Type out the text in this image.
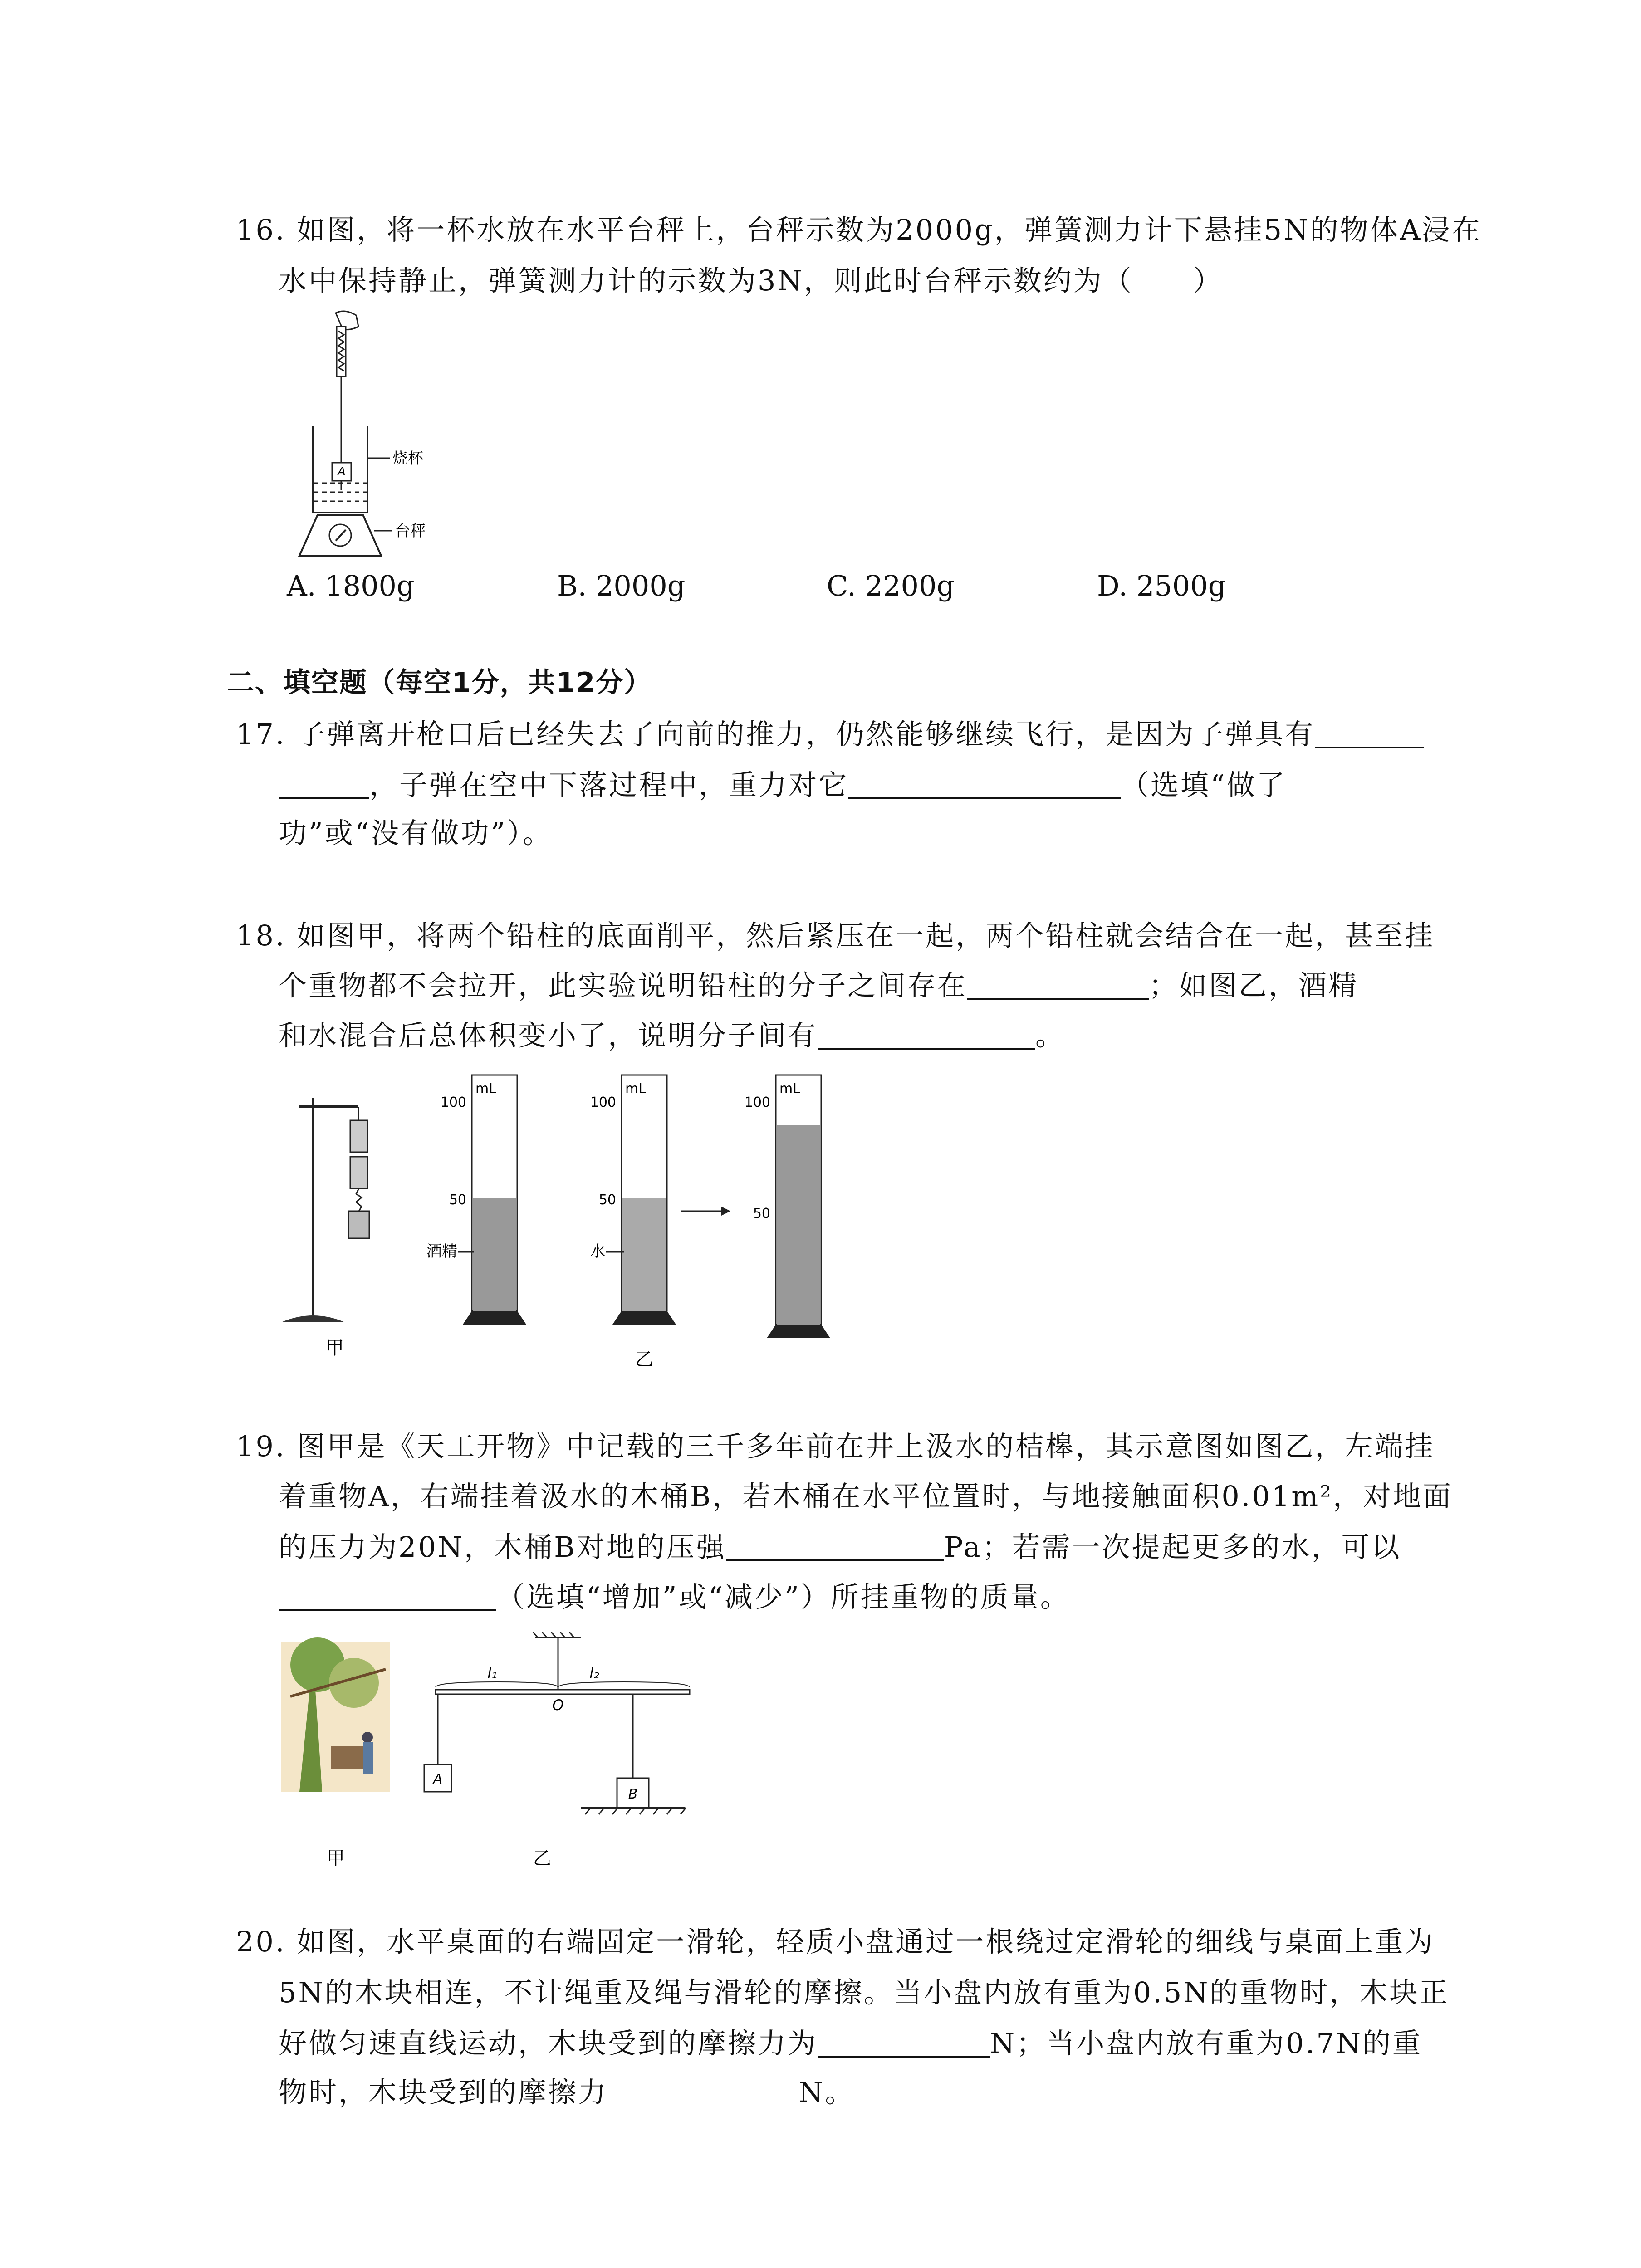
16. 如图，将一杯水放在水平台秤上，台秤示数为2000g，弹簧测力计下悬挂5N的物体A浸在
水中保持静止，弹簧测力计的示数为3N，则此时台秤示数约为（　　）
A
烧杯
台秤
A. 1800g	B. 2000g	C. 2200g	D. 2500g
二、填空题（每空1分，共12分）
17. 子弹离开枪口后已经失去了向前的推力，仍然能够继续飞行，是因为子弹具有
，子弹在空中下落过程中，重力对它	（选填“做了
功”或“没有做功”）。
18. 如图甲，将两个铅柱的底面削平，然后紧压在一起，两个铅柱就会结合在一起，甚至挂
个重物都不会拉开，此实验说明铅柱的分子之间存在	；如图乙，酒精
和水混合后总体积变小了，说明分子间有	。
甲
mL
100
50
酒精
mL
100
50
水
mL
100
50
乙
19. 图甲是《天工开物》中记载的三千多年前在井上汲水的桔槔，其示意图如图乙，左端挂
着重物A，右端挂着汲水的木桶B，若木桶在水平位置时，与地接触面积0.01m²，对地面
的压力为20N，木桶B对地的压强	Pa；若需一次提起更多的水，可以
（选填“增加”或“减少”）所挂重物的质量。
甲
l₁	l₂
O
A
B
乙
20. 如图，水平桌面的右端固定一滑轮，轻质小盘通过一根绕过定滑轮的细线与桌面上重为
5N的木块相连，不计绳重及绳与滑轮的摩擦。当小盘内放有重为0.5N的重物时，木块正
好做匀速直线运动，木块受到的摩擦力为	N；当小盘内放有重为0.7N的重
物时，木块受到的摩擦力	N。
